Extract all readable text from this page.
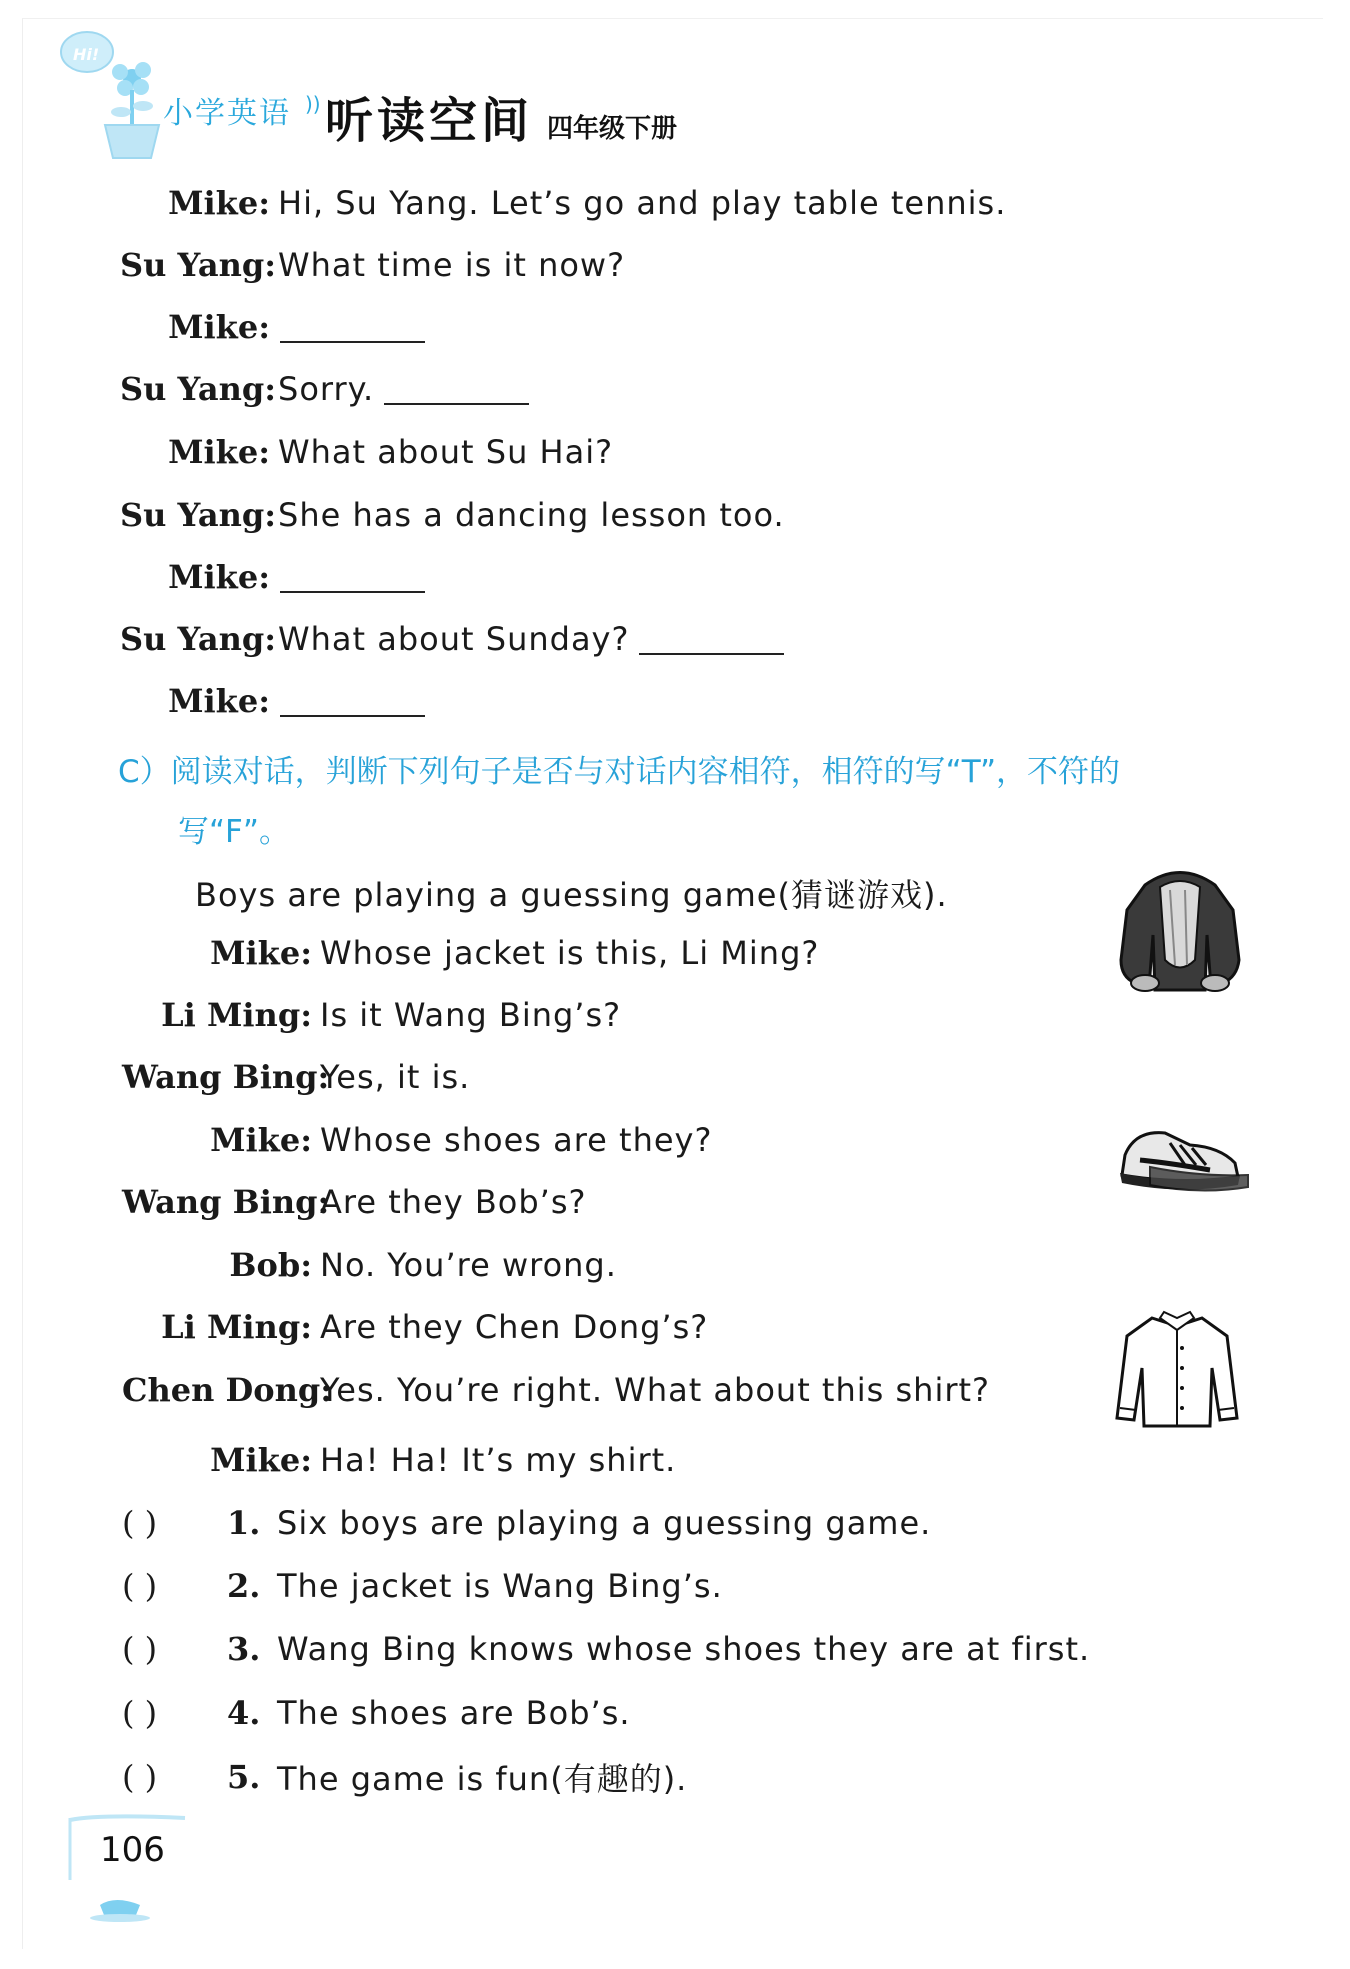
Hi!
小学英语 )) 听读空间 四年级下册
Mike: Hi, Su Yang. Let’s go and play table tennis.
Su Yang: What time is it now?
Mike:
Su Yang: Sorry.
Mike: What about Su Hai?
Su Yang: She has a dancing lesson too.
Mike:
Su Yang: What about Sunday?
Mike:
C）阅读对话，判断下列句子是否与对话内容相符，相符的写“T”，不符的
写“F”。
Boys are playing a guessing game(猜谜游戏).
Mike: Whose jacket is this, Li Ming?
Li Ming: Is it Wang Bing’s?
Wang Bing:
Yes, it is.
Mike: Whose shoes are they?
Wang Bing:
Are they Bob’s?
Bob: No. You’re wrong.
Li Ming: Are they Chen Dong’s?
Chen Dong:
Yes. You’re right. What about this shirt?
Mike: Ha! Ha! It’s my shirt.
( )	1. Six boys are playing a guessing game.
( )	2. The jacket is Wang Bing’s.
( )	3. Wang Bing knows whose shoes they are at first.
( )	4. The shoes are Bob’s.
( )	5. The game is fun(有趣的).
106
